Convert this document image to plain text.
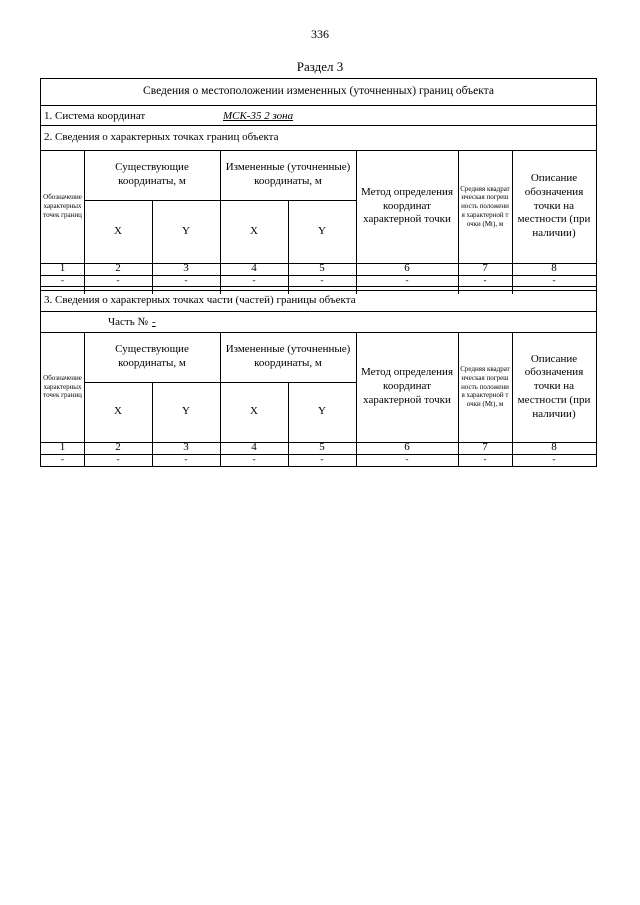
336
Раздел 3
Сведения о местоположении измененных (уточненных) границ объекта
1. Система координат	МСК-35 2 зона
2. Сведения о характерных точках границ объекта
Обозначение характерных точек границ
Существующие координаты, м
Измененные (уточненные) координаты, м
Метод определения координат характерной точки
Средняя квадратическая погрешность положения характерной точки (Mt), м
Описание обозначения точки на местности (при наличии)
X	Y	X	Y
1	2	3	4	5	6	7	8
-	-	-	-	-	-	-	-
3. Сведения о характерных точках части (частей) границы объекта
Часть № -
Обозначение характерных точек границ
Существующие координаты, м
Измененные (уточненные) координаты, м
Метод определения координат характерной точки
Средняя квадратическая погрешность положения характерной точки (Mt), м
Описание обозначения точки на местности (при наличии)
X	Y	X	Y
1	2	3	4	5	6	7	8
-	-	-	-	-	-	-	-
